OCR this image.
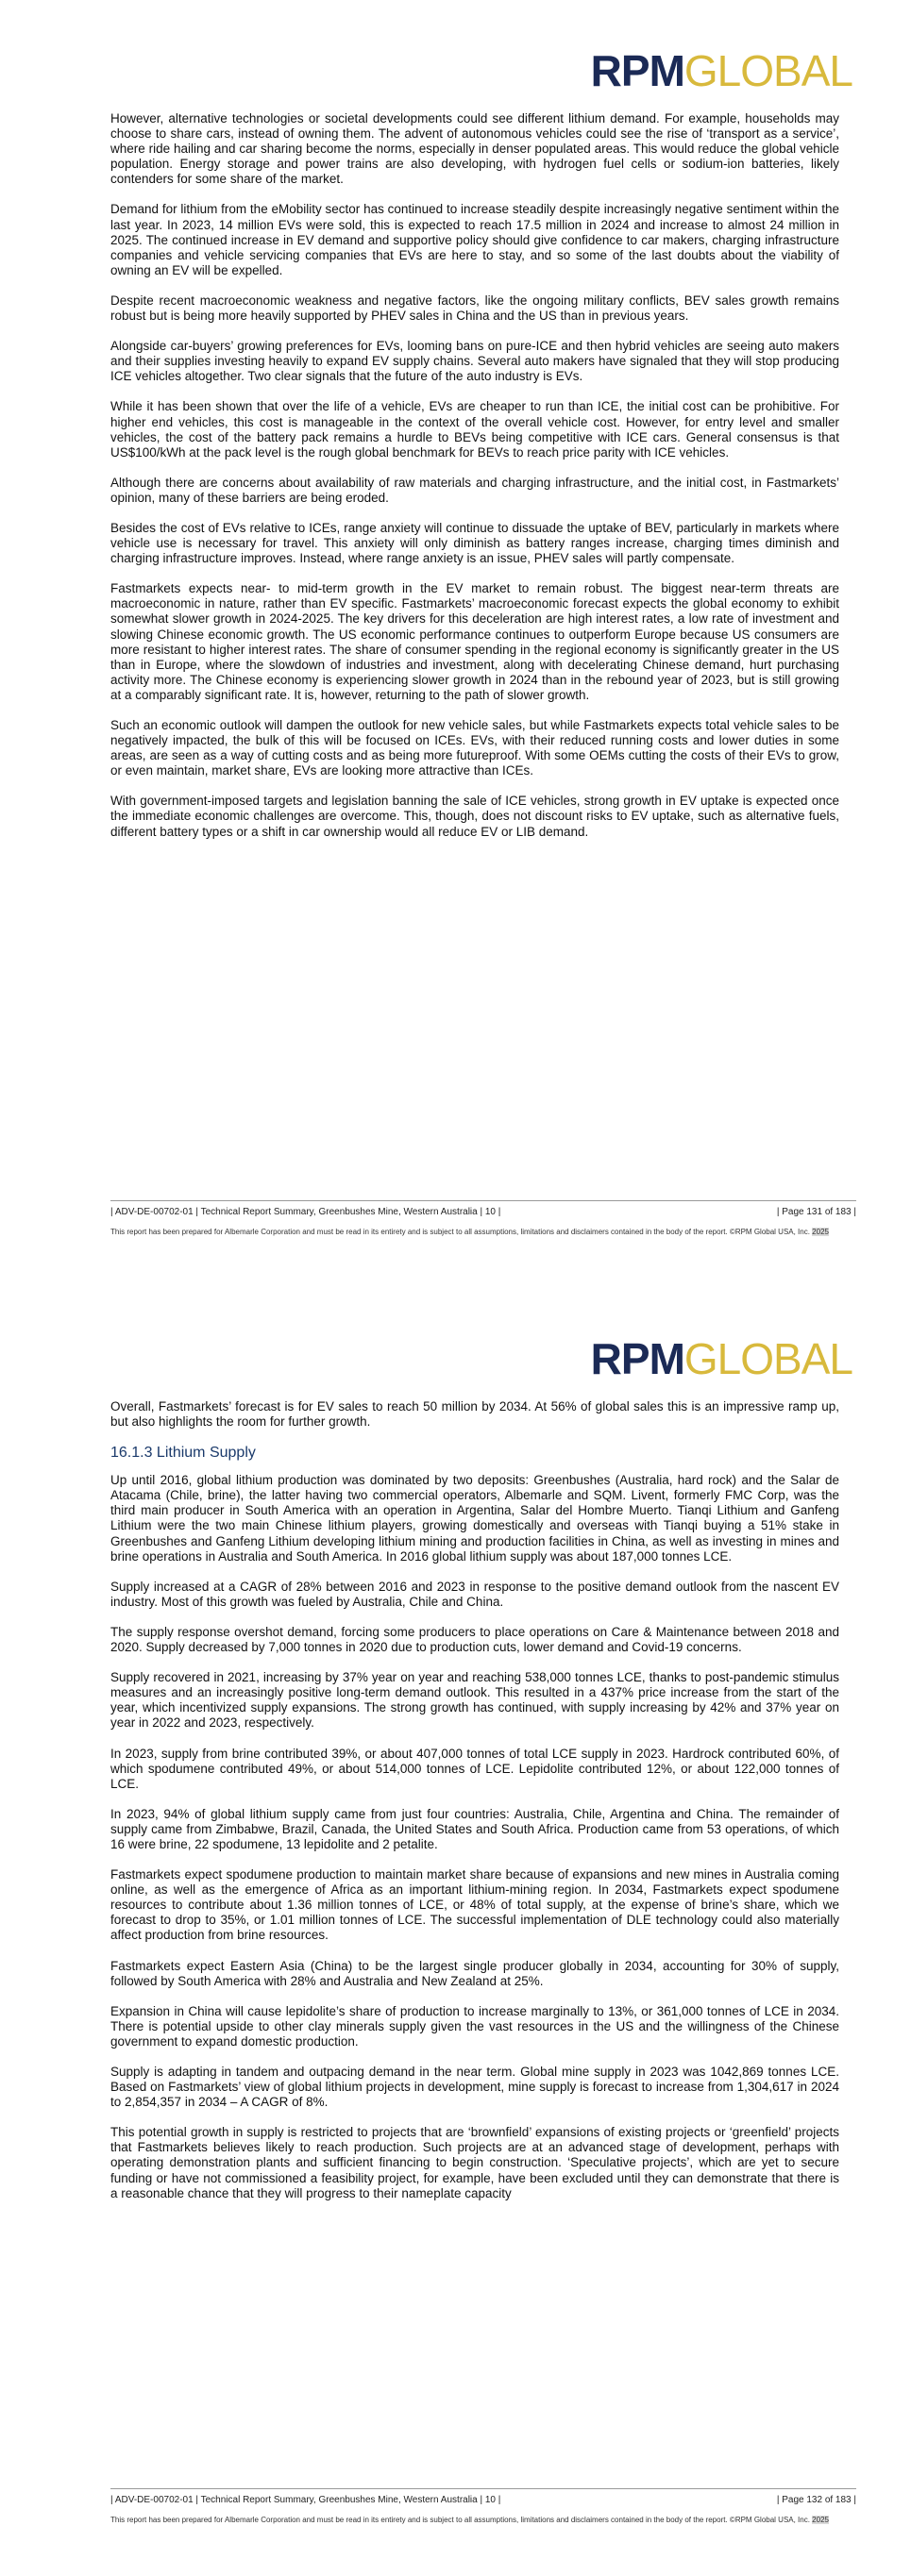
RPMGLOBAL

However, alternative technologies or societal developments could see different lithium demand. For example, households may choose to share cars, instead of owning them. The advent of autonomous vehicles could see the rise of ‘transport as a service’, where ride hailing and car sharing become the norms, especially in denser populated areas. This would reduce the global vehicle population. Energy storage and power trains are also developing, with hydrogen fuel cells or sodium-ion batteries, likely contenders for some share of the market.

Demand for lithium from the eMobility sector has continued to increase steadily despite increasingly negative sentiment within the last year. In 2023, 14 million EVs were sold, this is expected to reach 17.5 million in 2024 and increase to almost 24 million in 2025. The continued increase in EV demand and supportive policy should give confidence to car makers, charging infrastructure companies and vehicle servicing companies that EVs are here to stay, and so some of the last doubts about the viability of owning an EV will be expelled.

Despite recent macroeconomic weakness and negative factors, like the ongoing military conflicts, BEV sales growth remains robust but is being more heavily supported by PHEV sales in China and the US than in previous years.

Alongside car-buyers’ growing preferences for EVs, looming bans on pure-ICE and then hybrid vehicles are seeing auto makers and their supplies investing heavily to expand EV supply chains. Several auto makers have signaled that they will stop producing ICE vehicles altogether. Two clear signals that the future of the auto industry is EVs.

While it has been shown that over the life of a vehicle, EVs are cheaper to run than ICE, the initial cost can be prohibitive. For higher end vehicles, this cost is manageable in the context of the overall vehicle cost. However, for entry level and smaller vehicles, the cost of the battery pack remains a hurdle to BEVs being competitive with ICE cars. General consensus is that US$100/kWh at the pack level is the rough global benchmark for BEVs to reach price parity with ICE vehicles.

Although there are concerns about availability of raw materials and charging infrastructure, and the initial cost, in Fastmarkets’ opinion, many of these barriers are being eroded.

Besides the cost of EVs relative to ICEs, range anxiety will continue to dissuade the uptake of BEV, particularly in markets where vehicle use is necessary for travel. This anxiety will only diminish as battery ranges increase, charging times diminish and charging infrastructure improves. Instead, where range anxiety is an issue, PHEV sales will partly compensate.

Fastmarkets expects near- to mid-term growth in the EV market to remain robust. The biggest near-term threats are macroeconomic in nature, rather than EV specific. Fastmarkets’ macroeconomic forecast expects the global economy to exhibit somewhat slower growth in 2024-2025. The key drivers for this deceleration are high interest rates, a low rate of investment and slowing Chinese economic growth. The US economic performance continues to outperform Europe because US consumers are more resistant to higher interest rates. The share of consumer spending in the regional economy is significantly greater in the US than in Europe, where the slowdown of industries and investment, along with decelerating Chinese demand, hurt purchasing activity more. The Chinese economy is experiencing slower growth in 2024 than in the rebound year of 2023, but is still growing at a comparably significant rate. It is, however, returning to the path of slower growth.

Such an economic outlook will dampen the outlook for new vehicle sales, but while Fastmarkets expects total vehicle sales to be negatively impacted, the bulk of this will be focused on ICEs. EVs, with their reduced running costs and lower duties in some areas, are seen as a way of cutting costs and as being more futureproof. With some OEMs cutting the costs of their EVs to grow, or even maintain, market share, EVs are looking more attractive than ICEs.

With government-imposed targets and legislation banning the sale of ICE vehicles, strong growth in EV uptake is expected once the immediate economic challenges are overcome. This, though, does not discount risks to EV uptake, such as alternative fuels, different battery types or a shift in car ownership would all reduce EV or LIB demand.

| ADV-DE-00702-01 | Technical Report Summary, Greenbushes Mine, Western Australia | 10 |	| Page 131 of 183 |
This report has been prepared for Albemarle Corporation and must be read in its entirety and is subject to all assumptions, limitations and disclaimers contained in the body of the report. ©RPM Global USA, Inc. 2025
RPMGLOBAL

Overall, Fastmarkets’ forecast is for EV sales to reach 50 million by 2034. At 56% of global sales this is an impressive ramp up, but also highlights the room for further growth.

16.1.3 Lithium Supply

Up until 2016, global lithium production was dominated by two deposits: Greenbushes (Australia, hard rock) and the Salar de Atacama (Chile, brine), the latter having two commercial operators, Albemarle and SQM. Livent, formerly FMC Corp, was the third main producer in South America with an operation in Argentina, Salar del Hombre Muerto. Tianqi Lithium and Ganfeng Lithium were the two main Chinese lithium players, growing domestically and overseas with Tianqi buying a 51% stake in Greenbushes and Ganfeng Lithium developing lithium mining and production facilities in China, as well as investing in mines and brine operations in Australia and South America. In 2016 global lithium supply was about 187,000 tonnes LCE.

Supply increased at a CAGR of 28% between 2016 and 2023 in response to the positive demand outlook from the nascent EV industry. Most of this growth was fueled by Australia, Chile and China.

The supply response overshot demand, forcing some producers to place operations on Care & Maintenance between 2018 and 2020. Supply decreased by 7,000 tonnes in 2020 due to production cuts, lower demand and Covid-19 concerns.

Supply recovered in 2021, increasing by 37% year on year and reaching 538,000 tonnes LCE, thanks to post-pandemic stimulus measures and an increasingly positive long-term demand outlook. This resulted in a 437% price increase from the start of the year, which incentivized supply expansions. The strong growth has continued, with supply increasing by 42% and 37% year on year in 2022 and 2023, respectively.

In 2023, supply from brine contributed 39%, or about 407,000 tonnes of total LCE supply in 2023. Hardrock contributed 60%, of which spodumene contributed 49%, or about 514,000 tonnes of LCE. Lepidolite contributed 12%, or about 122,000 tonnes of LCE.

In 2023, 94% of global lithium supply came from just four countries: Australia, Chile, Argentina and China. The remainder of supply came from Zimbabwe, Brazil, Canada, the United States and South Africa. Production came from 53 operations, of which 16 were brine, 22 spodumene, 13 lepidolite and 2 petalite.

Fastmarkets expect spodumene production to maintain market share because of expansions and new mines in Australia coming online, as well as the emergence of Africa as an important lithium-mining region. In 2034, Fastmarkets expect spodumene resources to contribute about 1.36 million tonnes of LCE, or 48% of total supply, at the expense of brine’s share, which we forecast to drop to 35%, or 1.01 million tonnes of LCE. The successful implementation of DLE technology could also materially affect production from brine resources.

Fastmarkets expect Eastern Asia (China) to be the largest single producer globally in 2034, accounting for 30% of supply, followed by South America with 28% and Australia and New Zealand at 25%.

Expansion in China will cause lepidolite’s share of production to increase marginally to 13%, or 361,000 tonnes of LCE in 2034. There is potential upside to other clay minerals supply given the vast resources in the US and the willingness of the Chinese government to expand domestic production.

Supply is adapting in tandem and outpacing demand in the near term. Global mine supply in 2023 was 1042,869 tonnes LCE. Based on Fastmarkets’ view of global lithium projects in development, mine supply is forecast to increase from 1,304,617 in 2024 to 2,854,357 in 2034 – A CAGR of 8%.

This potential growth in supply is restricted to projects that are ‘brownfield’ expansions of existing projects or ‘greenfield’ projects that Fastmarkets believes likely to reach production. Such projects are at an advanced stage of development, perhaps with operating demonstration plants and sufficient financing to begin construction. ‘Speculative projects’, which are yet to secure funding or have not commissioned a feasibility project, for example, have been excluded until they can demonstrate that there is a reasonable chance that they will progress to their nameplate capacity

| ADV-DE-00702-01 | Technical Report Summary, Greenbushes Mine, Western Australia | 10 |	| Page 132 of 183 |
This report has been prepared for Albemarle Corporation and must be read in its entirety and is subject to all assumptions, limitations and disclaimers contained in the body of the report. ©RPM Global USA, Inc. 2025
